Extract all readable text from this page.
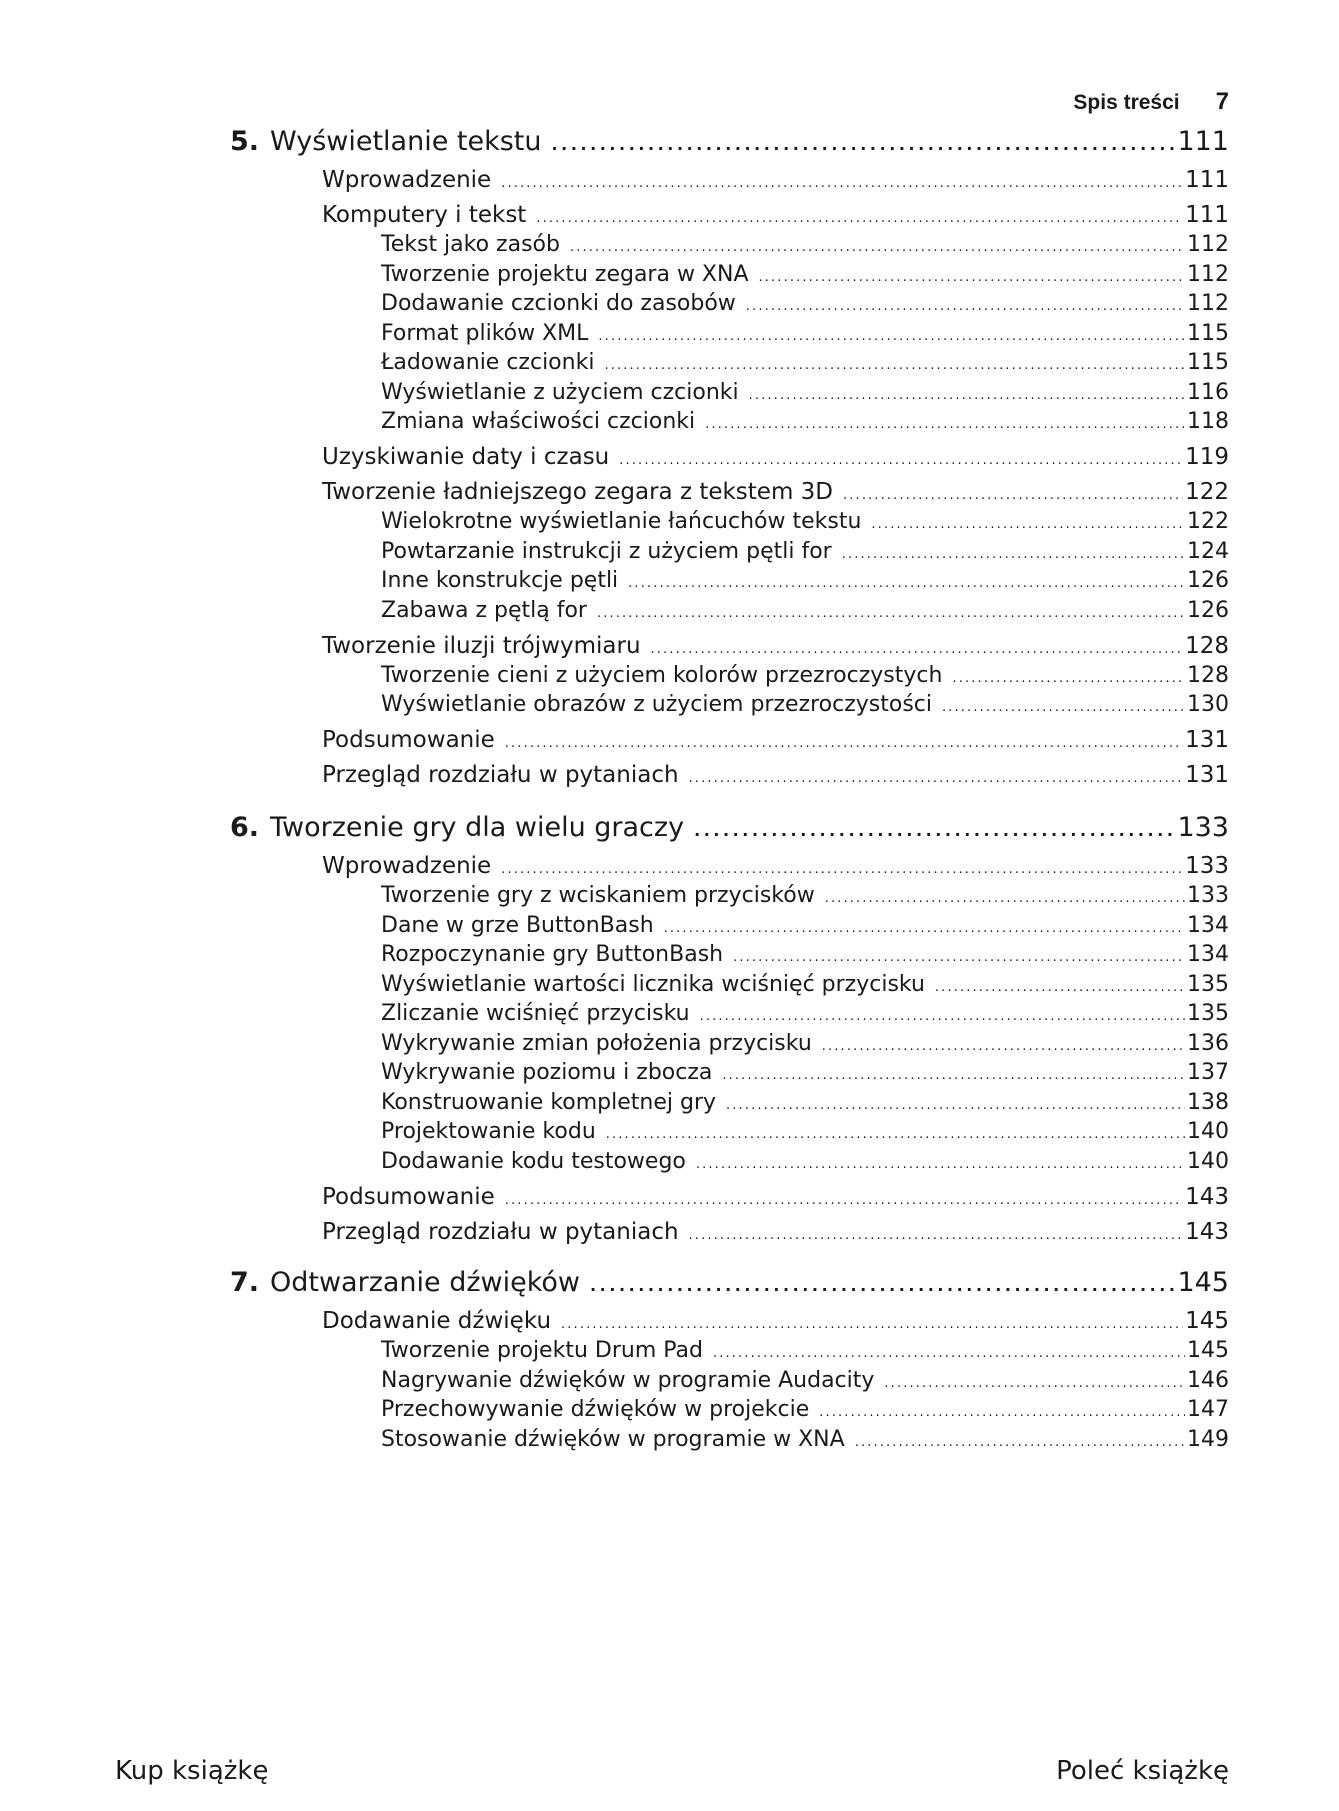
Spis treści 7
5. Wyświetlanie tekstu . . .	111
Wprowadzenie . . .	111
Komputery i tekst . . .	111
Tekst jako zasób . . .	112
Tworzenie projektu zegara w XNA . . .	112
Dodawanie czcionki do zasobów . . .	112
Format plików XML . . .	115
Ładowanie czcionki . . .	115
Wyświetlanie z użyciem czcionki . . .	116
Zmiana właściwości czcionki . . .	118
Uzyskiwanie daty i czasu . . .	119
Tworzenie ładniejszego zegara z tekstem 3D . . .	122
Wielokrotne wyświetlanie łańcuchów tekstu . . .	122
Powtarzanie instrukcji z użyciem pętli for . . .	124
Inne konstrukcje pętli . . .	126
Zabawa z pętlą for . . .	126
Tworzenie iluzji trójwymiaru . . .	128
Tworzenie cieni z użyciem kolorów przezroczystych . . .	128
Wyświetlanie obrazów z użyciem przezroczystości . . .	130
Podsumowanie . . .	131
Przegląd rozdziału w pytaniach . . .	131
6. Tworzenie gry dla wielu graczy . . .	133
Wprowadzenie . . .	133
Tworzenie gry z wciskaniem przycisków . . .	133
Dane w grze ButtonBash . . .	134
Rozpoczynanie gry ButtonBash . . .	134
Wyświetlanie wartości licznika wciśnięć przycisku . . .	135
Zliczanie wciśnięć przycisku . . .	135
Wykrywanie zmian położenia przycisku . . .	136
Wykrywanie poziomu i zbocza . . .	137
Konstruowanie kompletnej gry . . .	138
Projektowanie kodu . . .	140
Dodawanie kodu testowego . . .	140
Podsumowanie . . .	143
Przegląd rozdziału w pytaniach . . .	143
7. Odtwarzanie dźwięków . . .	145
Dodawanie dźwięku . . .	145
Tworzenie projektu Drum Pad . . .	145
Nagrywanie dźwięków w programie Audacity . . .	146
Przechowywanie dźwięków w projekcie . . .	147
Stosowanie dźwięków w programie w XNA . . .	149
Kup książkę	Poleć książkę
